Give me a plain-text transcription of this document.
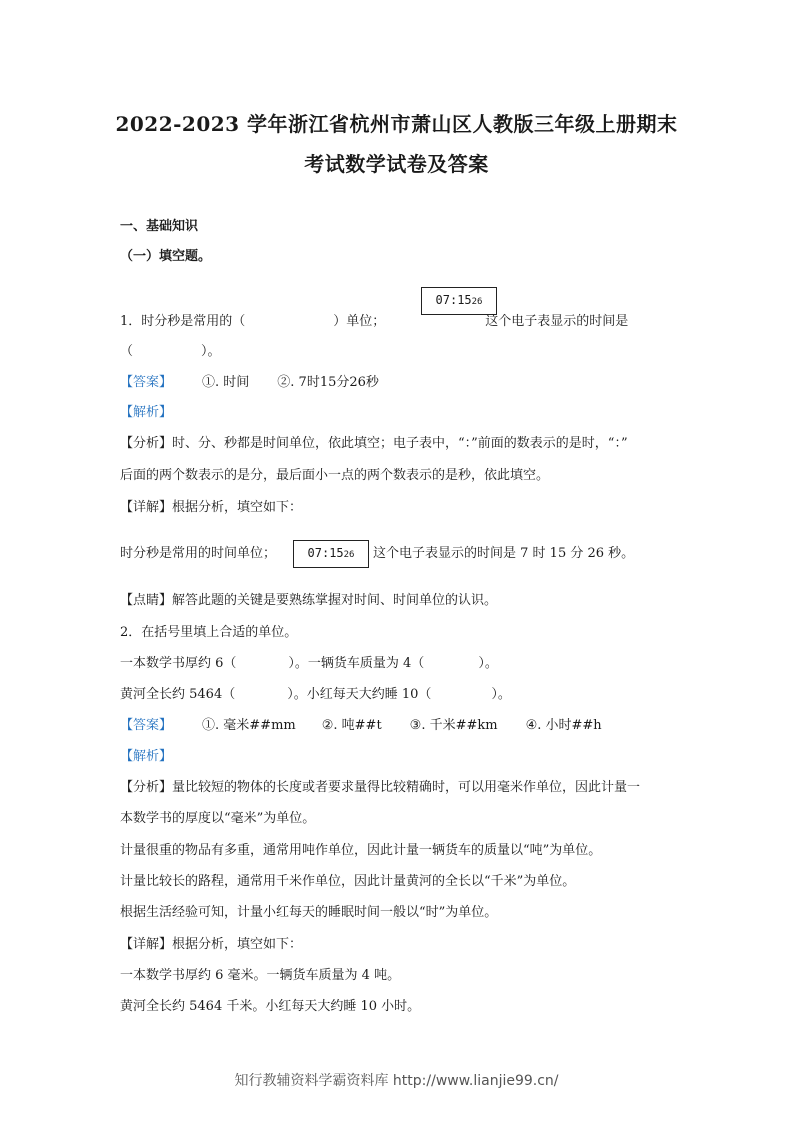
2022-2023 学年浙江省杭州市萧山区人教版三年级上册期末
考试数学试卷及答案
一、基础知识
（一）填空题。
07:1526
1．时分秒是常用的（	）单位；	这个电子表显示的时间是
（	）。
【答案】 ①. 时间 ②. 7时15分26秒
【解析】
【分析】时、分、秒都是时间单位，依此填空；电子表中，“：”前面的数表示的是时，“：”
后面的两个数表示的是分，最后面小一点的两个数表示的是秒，依此填空。
【详解】根据分析，填空如下：
07:1526
时分秒是常用的时间单位；	这个电子表显示的时间是 7 时 15 分 26 秒。
【点睛】解答此题的关键是要熟练掌握对时间、时间单位的认识。
2．在括号里填上合适的单位。
一本数学书厚约 6（	）。一辆货车质量为 4（	）。
黄河全长约 5464（	）。小红每天大约睡 10（	）。
【答案】 ①. 毫米##mm ②. 吨##t ③. 千米##km ④. 小时##h
【解析】
【分析】量比较短的物体的长度或者要求量得比较精确时，可以用毫米作单位，因此计量一
本数学书的厚度以“毫米”为单位。
计量很重的物品有多重，通常用吨作单位，因此计量一辆货车的质量以“吨”为单位。
计量比较长的路程，通常用千米作单位，因此计量黄河的全长以“千米”为单位。
根据生活经验可知，计量小红每天的睡眠时间一般以“时”为单位。
【详解】根据分析，填空如下：
一本数学书厚约 6 毫米。一辆货车质量为 4 吨。
黄河全长约 5464 千米。小红每天大约睡 10 小时。
知行教辅资料学霸资料库 http://www.lianjie99.cn/
